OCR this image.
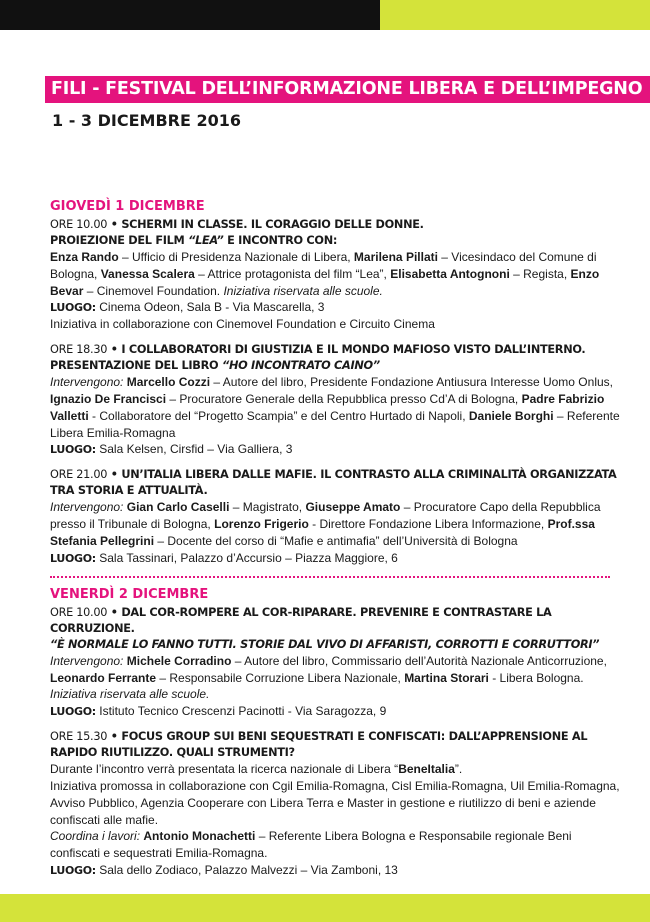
FILI - FESTIVAL DELL’INFORMAZIONE LIBERA E DELL’IMPEGNO
1 - 3 DICEMBRE 2016
GIOVEDÌ 1 DICEMBRE
ORE 10.00 • SCHERMI IN CLASSE. IL CORAGGIO DELLE DONNE.
PROIEZIONE DEL FILM “LEA” E INCONTRO CON:
Enza Rando – Ufficio di Presidenza Nazionale di Libera, Marilena Pillati – Vicesindaco del Comune di Bologna, Vanessa Scalera – Attrice protagonista del film “Lea”, Elisabetta Antognoni – Regista, Enzo Bevar – Cinemovel Foundation. Iniziativa riservata alle scuole.
LUOGO: Cinema Odeon, Sala B - Via Mascarella, 3
Iniziativa in collaborazione con Cinemovel Foundation e Circuito Cinema
ORE 18.30 • I COLLABORATORI DI GIUSTIZIA E IL MONDO MAFIOSO VISTO DALL’INTERNO.
PRESENTAZIONE DEL LIBRO “HO INCONTRATO CAINO”
Intervengono: Marcello Cozzi – Autore del libro, Presidente Fondazione Antiusura Interesse Uomo Onlus, Ignazio De Francisci – Procuratore Generale della Repubblica presso Cd’A di Bologna, Padre Fabrizio Valletti - Collaboratore del “Progetto Scampia” e del Centro Hurtado di Napoli, Daniele Borghi – Referente Libera Emilia-Romagna
LUOGO: Sala Kelsen, Cirsfid – Via Galliera, 3
ORE 21.00 • UN’ITALIA LIBERA DALLE MAFIE. IL CONTRASTO ALLA CRIMINALITÀ ORGANIZZATA TRA STORIA E ATTUALITÀ.
Intervengono: Gian Carlo Caselli – Magistrato, Giuseppe Amato – Procuratore Capo della Repubblica presso il Tribunale di Bologna, Lorenzo Frigerio - Direttore Fondazione Libera Informazione, Prof.ssa Stefania Pellegrini – Docente del corso di “Mafie e antimafia” dell’Università di Bologna
LUOGO: Sala Tassinari, Palazzo d’Accursio – Piazza Maggiore, 6
VENERDÌ 2 DICEMBRE
ORE 10.00 • DAL COR-ROMPERE AL COR-RIPARARE. PREVENIRE E CONTRASTARE LA CORRUZIONE.
“È NORMALE LO FANNO TUTTI. STORIE DAL VIVO DI AFFARISTI, CORROTTI E CORRUTTORI”
Intervengono: Michele Corradino – Autore del libro, Commissario dell’Autorità Nazionale Anticorruzione, Leonardo Ferrante – Responsabile Corruzione Libera Nazionale, Martina Storari - Libera Bologna. Iniziativa riservata alle scuole.
LUOGO: Istituto Tecnico Crescenzi Pacinotti - Via Saragozza, 9
ORE 15.30 • FOCUS GROUP SUI BENI SEQUESTRATI E CONFISCATI: DALL’APPRENSIONE AL RAPIDO RIUTILIZZO. QUALI STRUMENTI?
Durante l’incontro verrà presentata la ricerca nazionale di Libera “BeneItalia”.
Iniziativa promossa in collaborazione con Cgil Emilia-Romagna, Cisl Emilia-Romagna, Uil Emilia-Romagna, Avviso Pubblico, Agenzia Cooperare con Libera Terra e Master in gestione e riutilizzo di beni e aziende confiscati alle mafie.
Coordina i lavori: Antonio Monachetti – Referente Libera Bologna e Responsabile regionale Beni confiscati e sequestrati Emilia-Romagna.
LUOGO: Sala dello Zodiaco, Palazzo Malvezzi – Via Zamboni, 13
